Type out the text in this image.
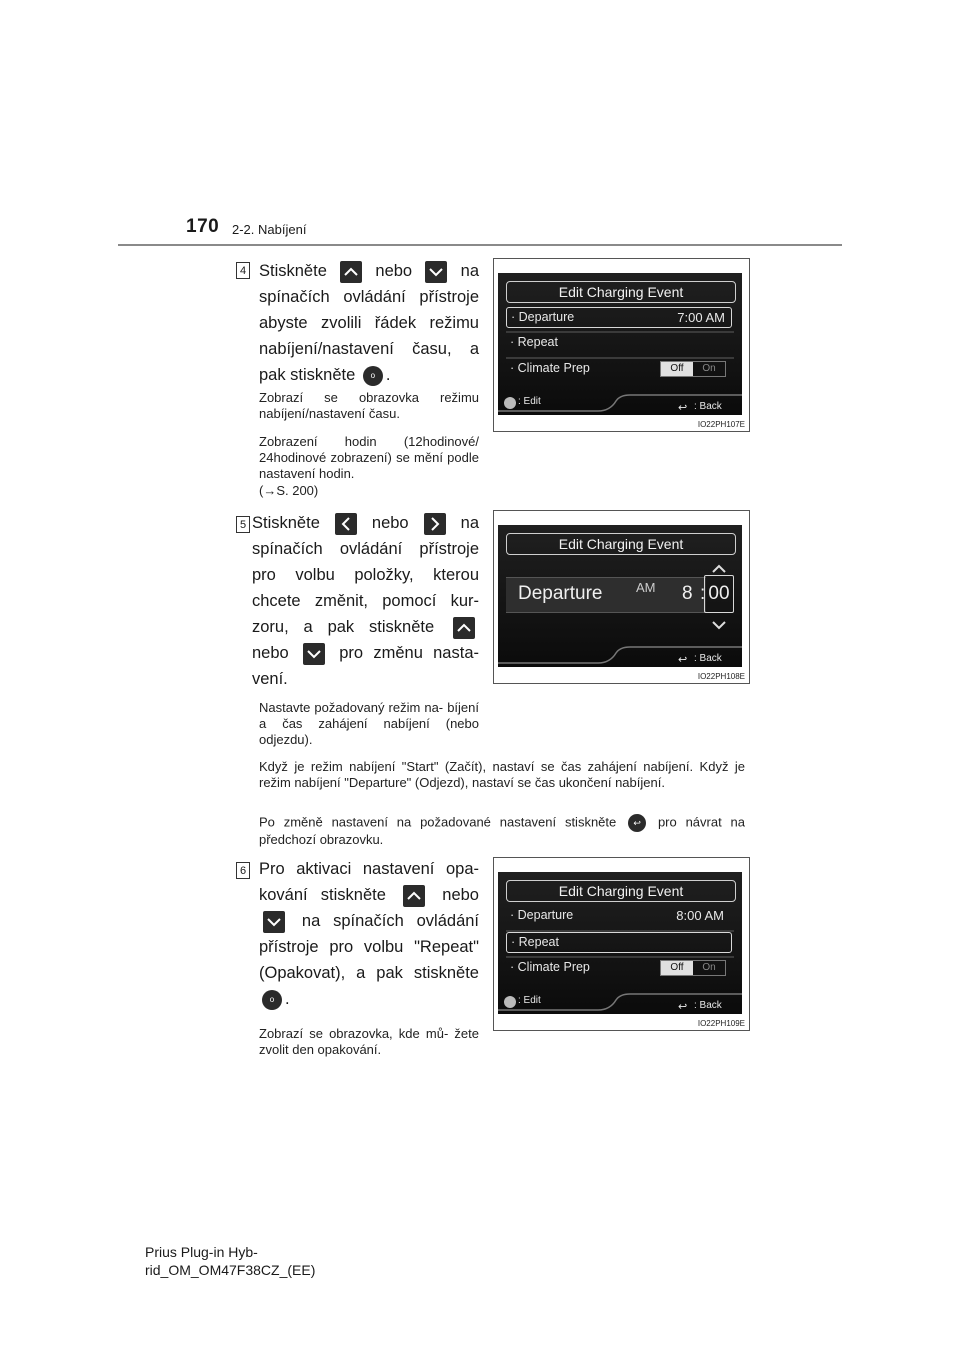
170 2-2. Nabíjení
4 Stiskněte	nebo	na spínačích ovládání přístroje abyste zvolili řádek režimu nabíjení/nastavení času, a pak stiskněte o .
Zobrazí se obrazovka režimu nabíjení/nastavení času.
Zobrazení hodin (12hodinové/ 24hodinové zobrazení) se mění podle nastavení hodin.
(→S. 200)
Edit Charging Event
· Departure	7:00 AM
· Repeat
· Climate Prep	Off	On
: Edit
↩ : Back
IO22PH107E
5 Stiskněte	nebo	na spínačích ovládání přístroje pro volbu položky, kterou chcete změnit, pomocí kur- zoru, a pak stiskněte
nebo	pro změnu nasta- vení.
Nastavte požadovaný režim na- bíjení a čas zahájení nabíjení (nebo odjezdu).
Když je režim nabíjení "Start" (Začít), nastaví se čas zahájení nabíjení. Když je režim nabíjení "Departure" (Odjezd), nastaví se čas ukončení nabíjení.
Po změně nastavení na požadované nastavení stiskněte ↩ pro návrat na předchozí obrazovku.
Edit Charging Event
Departure	AM 8 : 00
↩ : Back
IO22PH108E
6 Pro aktivaci nastavení opa- kování stiskněte	nebo
na spínačích ovládání přístroje pro volbu "Repeat" (Opakovat), a pak stiskněte o .
Zobrazí se obrazovka, kde mů- žete zvolit den opakování.
Edit Charging Event
· Departure	8:00 AM
· Repeat
· Climate Prep	Off	On
: Edit
↩ : Back
IO22PH109E
Prius Plug-in Hyb-
rid_OM_OM47F38CZ_(EE)
